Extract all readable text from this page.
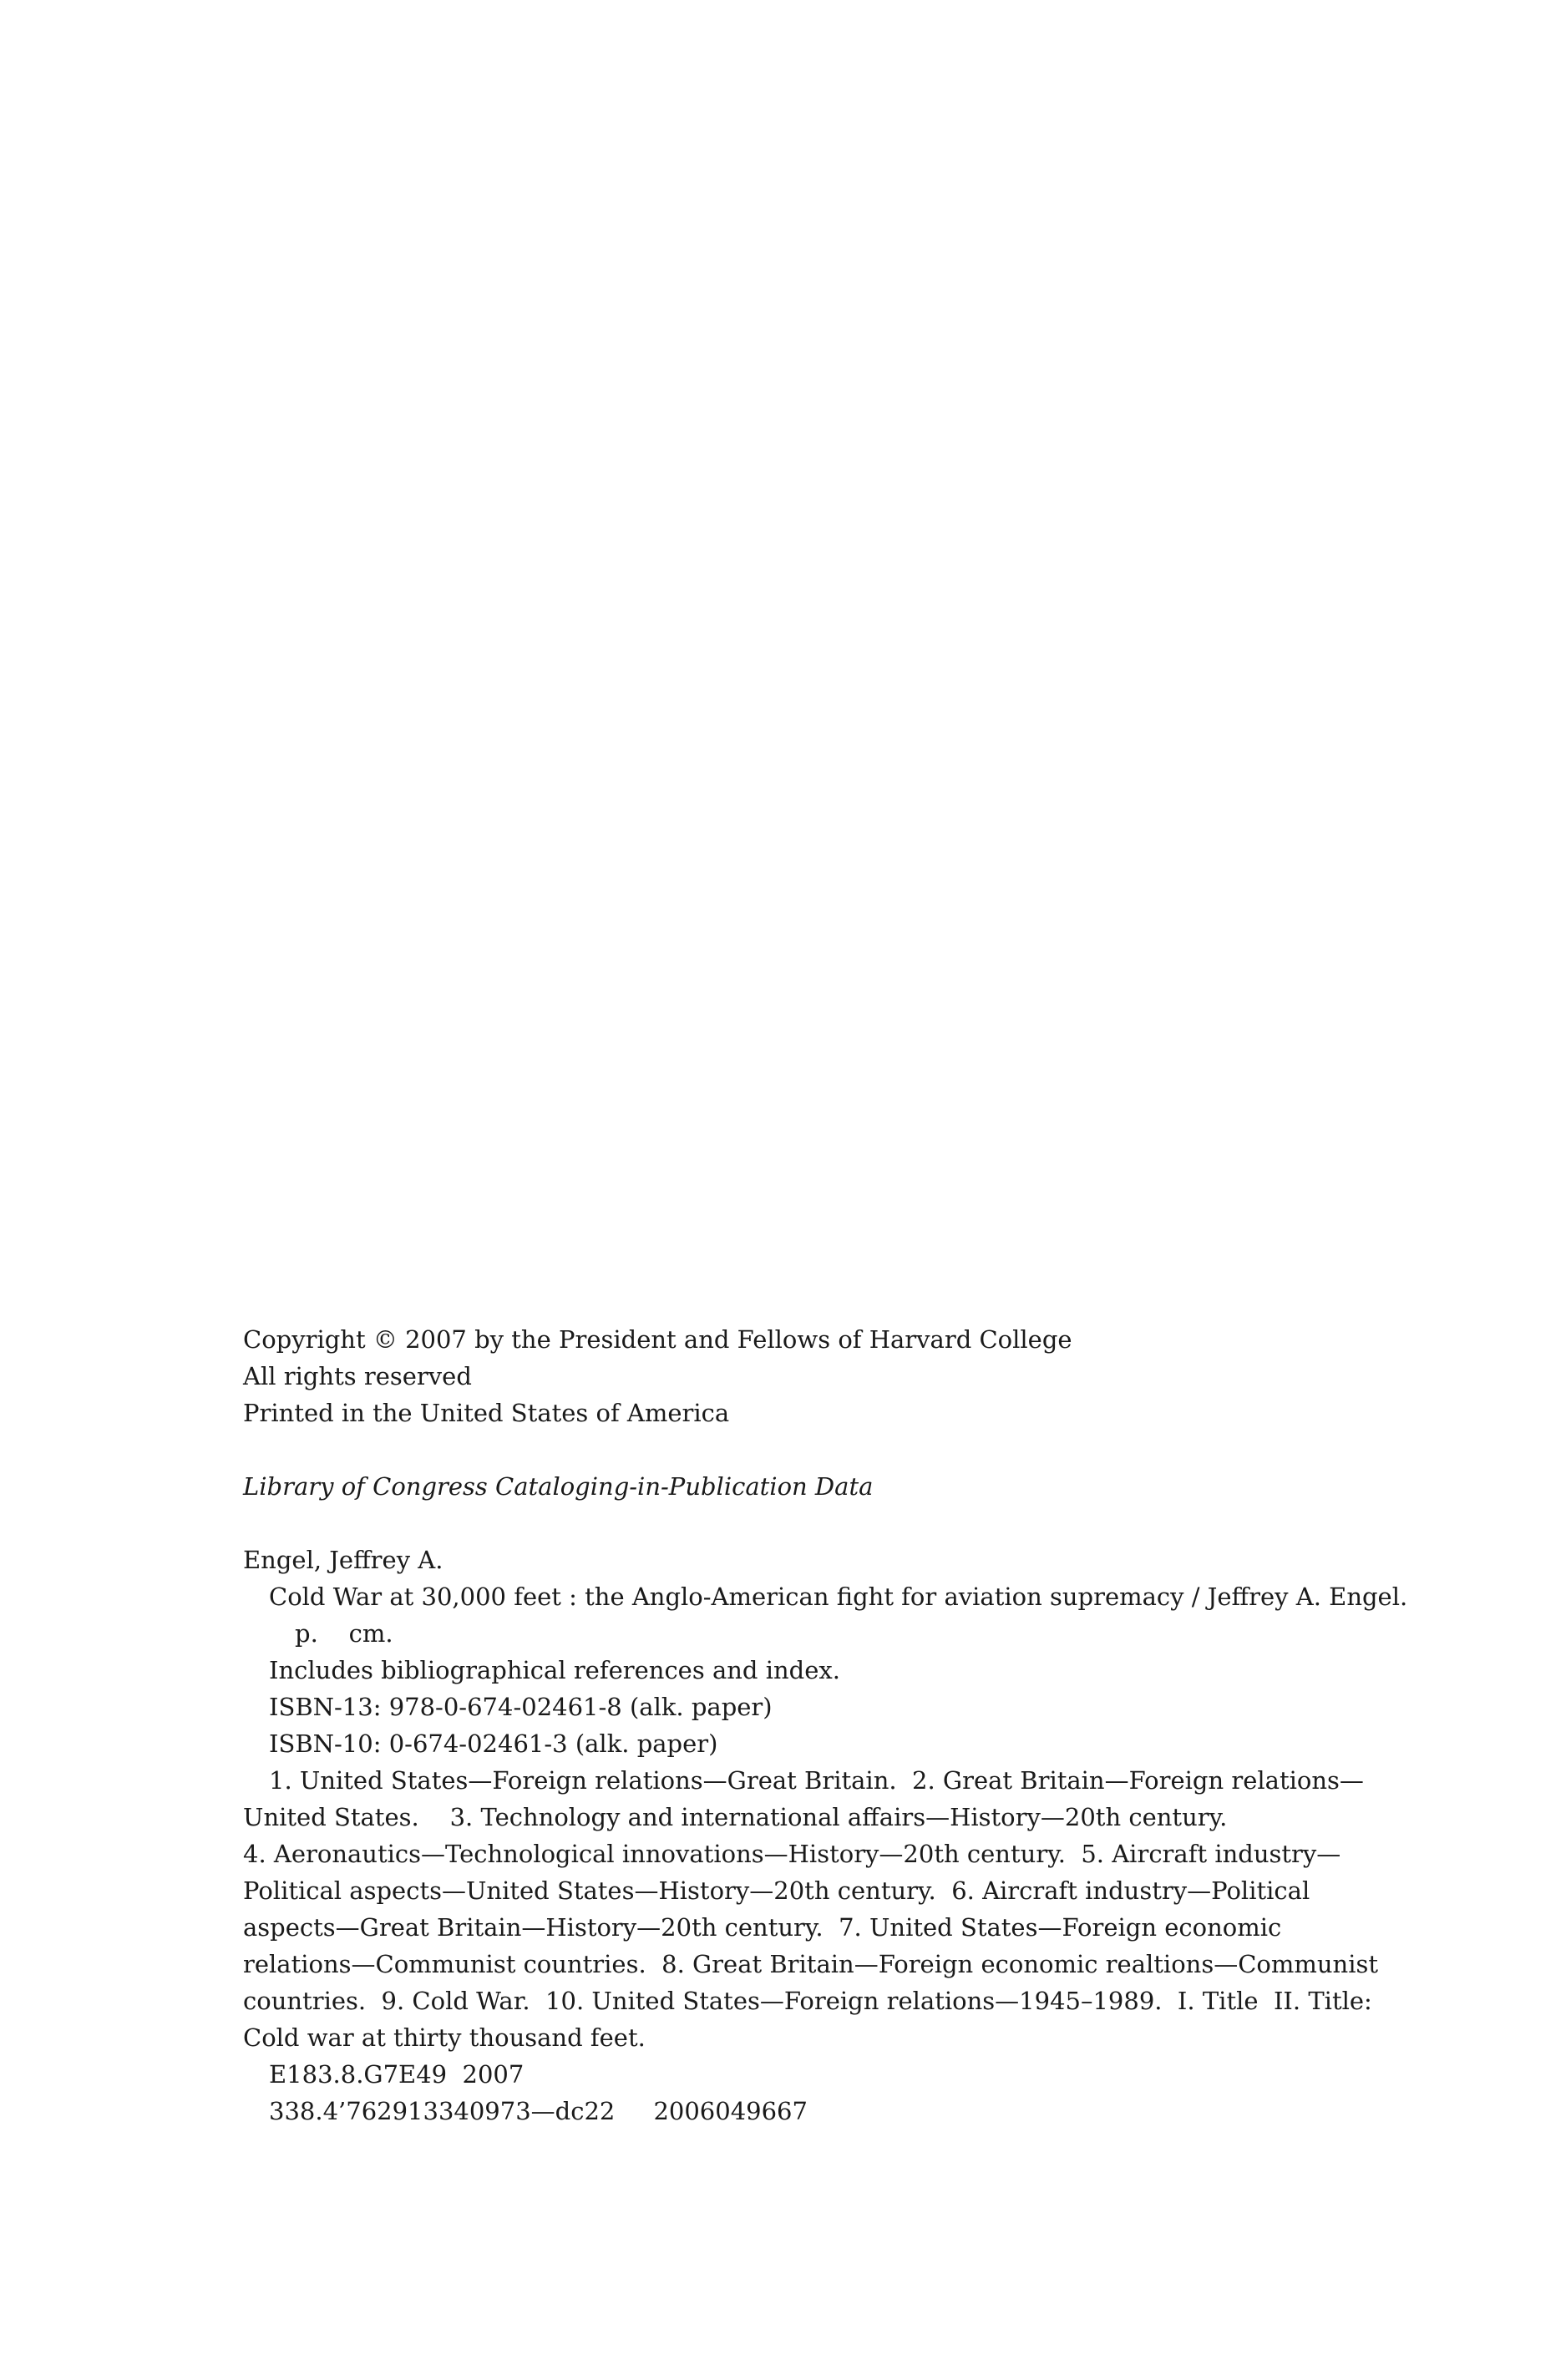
Copyright © 2007 by the President and Fellows of Harvard College
All rights reserved
Printed in the United States of America
Library of Congress Cataloging-in-Publication Data
Engel, Jeffrey A.
Cold War at 30,000 feet : the Anglo-American fight for aviation supremacy / Jeffrey A. Engel.
p.    cm.
Includes bibliographical references and index.
ISBN-13: 978-0-674-02461-8 (alk. paper)
ISBN-10: 0-674-02461-3 (alk. paper)
1. United States—Foreign relations—Great Britain.  2. Great Britain—Foreign relations—
United States.    3. Technology and international affairs—History—20th century.
4. Aeronautics—Technological innovations—History—20th century.  5. Aircraft industry—
Political aspects—United States—History—20th century.  6. Aircraft industry—Political
aspects—Great Britain—History—20th century.  7. United States—Foreign economic
relations—Communist countries.  8. Great Britain—Foreign economic realtions—Communist
countries.  9. Cold War.  10. United States—Foreign relations—1945–1989.  I. Title  II. Title:
Cold war at thirty thousand feet.
E183.8.G7E49  2007
338.4’762913340973—dc22     2006049667
